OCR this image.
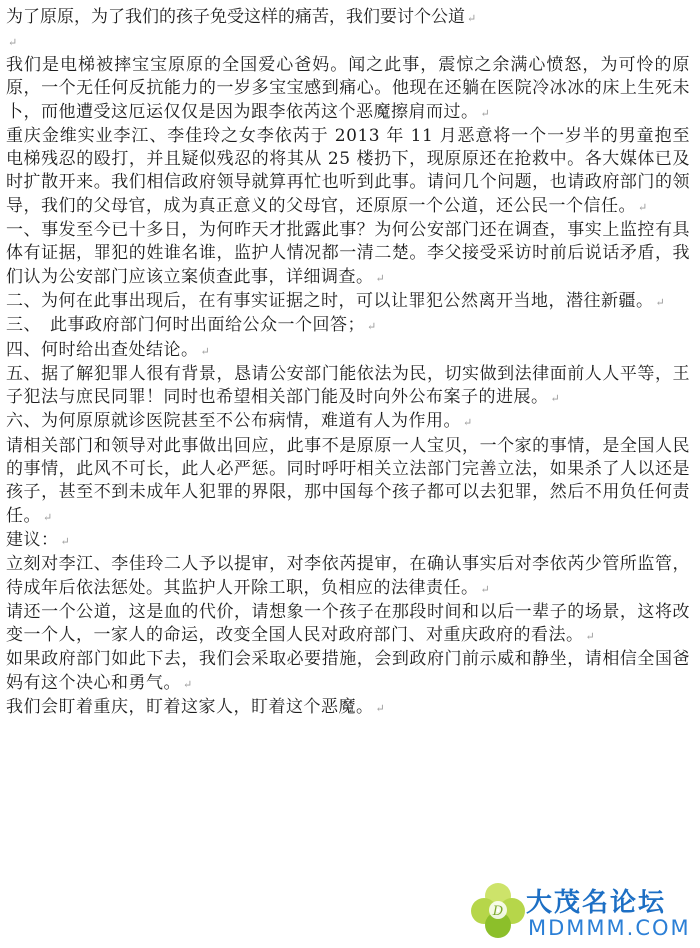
为了原原，为了我们的孩子免受这样的痛苦，我们要讨个公道 ↵

↵

我们是电梯被摔宝宝原原的全国爱心爸妈。闻之此事，震惊之余满心愤怒，为可怜的原原，一个无任何反抗能力的一岁多宝宝感到痛心。他现在还躺在医院冷冰冰的床上生死未卜，而他遭受这厄运仅仅是因为跟李依芮这个恶魔擦肩而过。 ↵

重庆金维实业李江、李佳玲之女李依芮于 2013 年 11 月恶意将一个一岁半的男童抱至电梯残忍的殴打，并且疑似残忍的将其从 25 楼扔下，现原原还在抢救中。各大媒体已及时扩散开来。我们相信政府领导就算再忙也听到此事。请问几个问题，也请政府部门的领导，我们的父母官，成为真正意义的父母官，还原原一个公道，还公民一个信任。 ↵

一、事发至今已十多日，为何昨天才批露此事？为何公安部门还在调查，事实上监控有具体有证据，罪犯的姓谁名谁，监护人情况都一清二楚。李父接受采访时前后说话矛盾，我们认为公安部门应该立案侦查此事，详细调查。 ↵

二、为何在此事出现后，在有事实证据之时，可以让罪犯公然离开当地，潜往新疆。 ↵

三、　此事政府部门何时出面给公众一个回答； ↵

四、何时给出查处结论。 ↵

五、据了解犯罪人很有背景，恳请公安部门能依法为民，切实做到法律面前人人平等，王子犯法与庶民同罪！同时也希望相关部门能及时向外公布案子的进展。 ↵

六、为何原原就诊医院甚至不公布病情，难道有人为作用。 ↵

请相关部门和领导对此事做出回应，此事不是原原一人宝贝，一个家的事情，是全国人民的事情，此风不可长，此人必严惩。同时呼吁相关立法部门完善立法，如果杀了人以还是孩子，甚至不到未成年人犯罪的界限，那中国每个孩子都可以去犯罪，然后不用负任何责任。 ↵

建议： ↵

立刻对李江、李佳玲二人予以提审，对李依芮提审，在确认事实后对李依芮少管所监管，待成年后依法惩处。其监护人开除工职，负相应的法律责任。 ↵

请还一个公道，这是血的代价，请想象一个孩子在那段时间和以后一辈子的场景，这将改变一个人，一家人的命运，改变全国人民对政府部门、对重庆政府的看法。 ↵

如果政府部门如此下去，我们会采取必要措施，会到政府门前示威和静坐，请相信全国爸妈有这个决心和勇气。 ↵

我们会盯着重庆，盯着这家人，盯着这个恶魔。 ↵

D 大茂名论坛
MDMMM.COM
